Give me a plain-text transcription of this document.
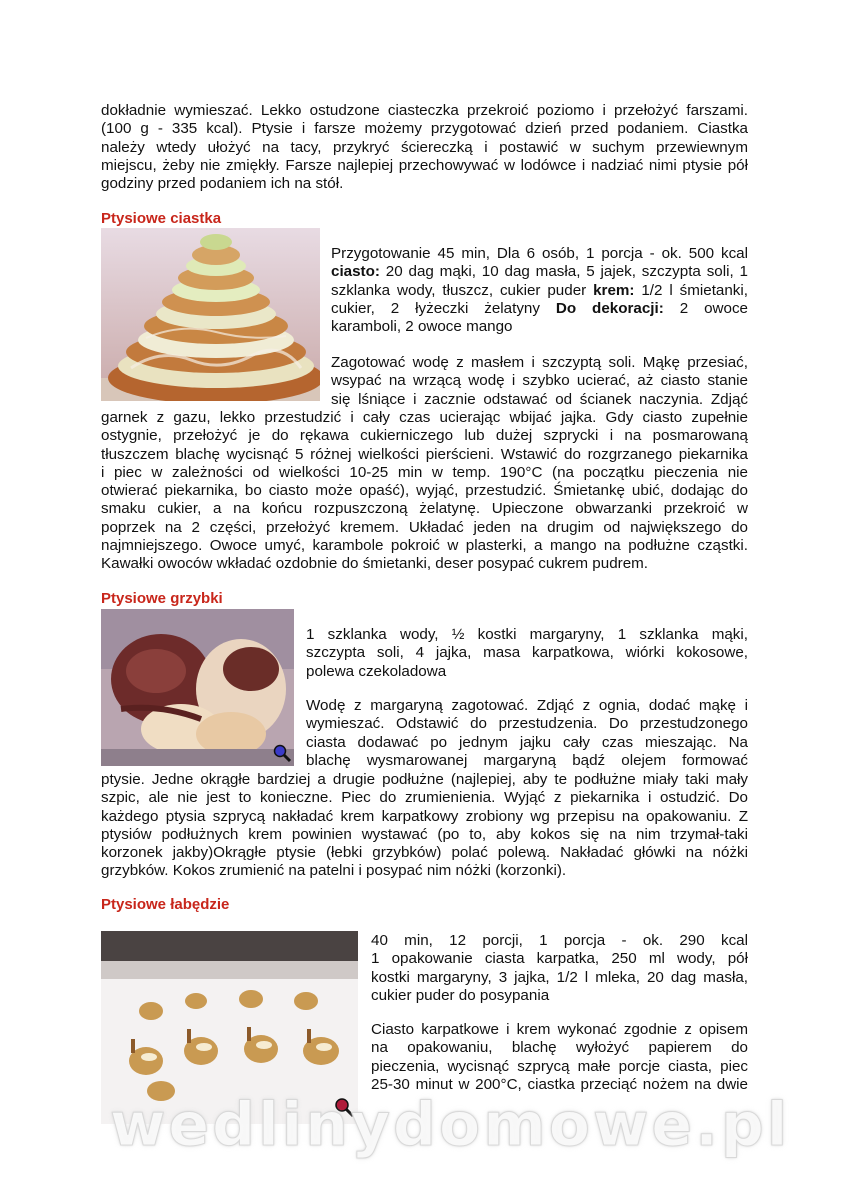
dokładnie wymieszać. Lekko ostudzone ciasteczka przekroić poziomo i przełożyć farszami.
(100 g - 335 kcal). Ptysie i farsze możemy przygotować dzień przed podaniem. Ciastka
należy wtedy ułożyć na tacy, przykryć ściereczką i postawić w suchym przewiewnym
miejscu, żeby nie zmiękły. Farsze najlepiej przechowywać w lodówce i nadziać nimi ptysie pół
godziny przed podaniem ich na stół.
Ptysiowe ciastka
Przygotowanie 45 min, Dla 6 osób, 1 porcja - ok. 500 kcal
ciasto: 20 dag mąki, 10 dag masła, 5 jajek, szczypta soli, 1
szklanka wody, tłuszcz, cukier puder krem: 1/2 l śmietanki,
cukier, 2 łyżeczki żelatyny Do dekoracji: 2 owoce
karamboli, 2 owoce mango
Zagotować wodę z masłem i szczyptą soli. Mąkę przesiać,
wsypać na wrzącą wodę i szybko ucierać, aż ciasto stanie
się lśniące i zacznie odstawać od ścianek naczynia. Zdjąć
garnek z gazu, lekko przestudzić i cały czas ucierając wbijać jajka. Gdy ciasto zupełnie
ostygnie, przełożyć je do rękawa cukierniczego lub dużej szprycki i na posmarowaną
tłuszczem blachę wycisnąć 5 różnej wielkości pierścieni. Wstawić do rozgrzanego piekarnika
i piec w zależności od wielkości 10-25 min w temp. 190°C (na początku pieczenia nie
otwierać piekarnika, bo ciasto może opaść), wyjąć, przestudzić. Śmietankę ubić, dodając do
smaku cukier, a na końcu rozpuszczoną żelatynę. Upieczone obwarzanki przekroić w
poprzek na 2 części, przełożyć kremem. Układać jeden na drugim od największego do
najmniejszego. Owoce umyć, karambole pokroić w plasterki, a mango na podłużne cząstki.
Kawałki owoców wkładać ozdobnie do śmietanki, deser posypać cukrem pudrem.
Ptysiowe grzybki
1 szklanka wody, ½ kostki margaryny, 1 szklanka mąki,
szczypta soli, 4 jajka, masa karpatkowa, wiórki kokosowe,
polewa czekoladowa
Wodę z margaryną zagotować. Zdjąć z ognia, dodać mąkę i
wymieszać. Odstawić do przestudzenia. Do przestudzonego
ciasta dodawać po jednym jajku cały czas mieszając. Na
blachę wysmarowanej margaryną bądź olejem formować
ptysie. Jedne okrągłe bardziej a drugie podłużne (najlepiej, aby te podłużne miały taki mały
szpic, ale nie jest to konieczne. Piec do zrumienienia. Wyjąć z piekarnika i ostudzić. Do
każdego ptysia szprycą nakładać krem karpatkowy zrobiony wg przepisu na opakowaniu. Z
ptysiów podłużnych krem powinien wystawać (po to, aby kokos się na nim trzymał-taki
korzonek jakby)Okrągłe ptysie (łebki grzybków) polać polewą. Nakładać główki na nóżki
grzybków. Kokos zrumienić na patelni i posypać nim nóżki (korzonki).
Ptysiowe łabędzie
40 min, 12 porcji, 1 porcja - ok. 290 kcal
1 opakowanie ciasta karpatka, 250 ml wody, pół
kostki margaryny, 3 jajka, 1/2 l mleka, 20 dag masła,
cukier puder do posypania
Ciasto karpatkowe i krem wykonać zgodnie z opisem
na opakowaniu, blachę wyłożyć papierem do
pieczenia, wycisnąć szprycą małe porcje ciasta, piec
25-30 minut w 200°C, ciastka przeciąć nożem na dwie
wedlinydomowe.pl
